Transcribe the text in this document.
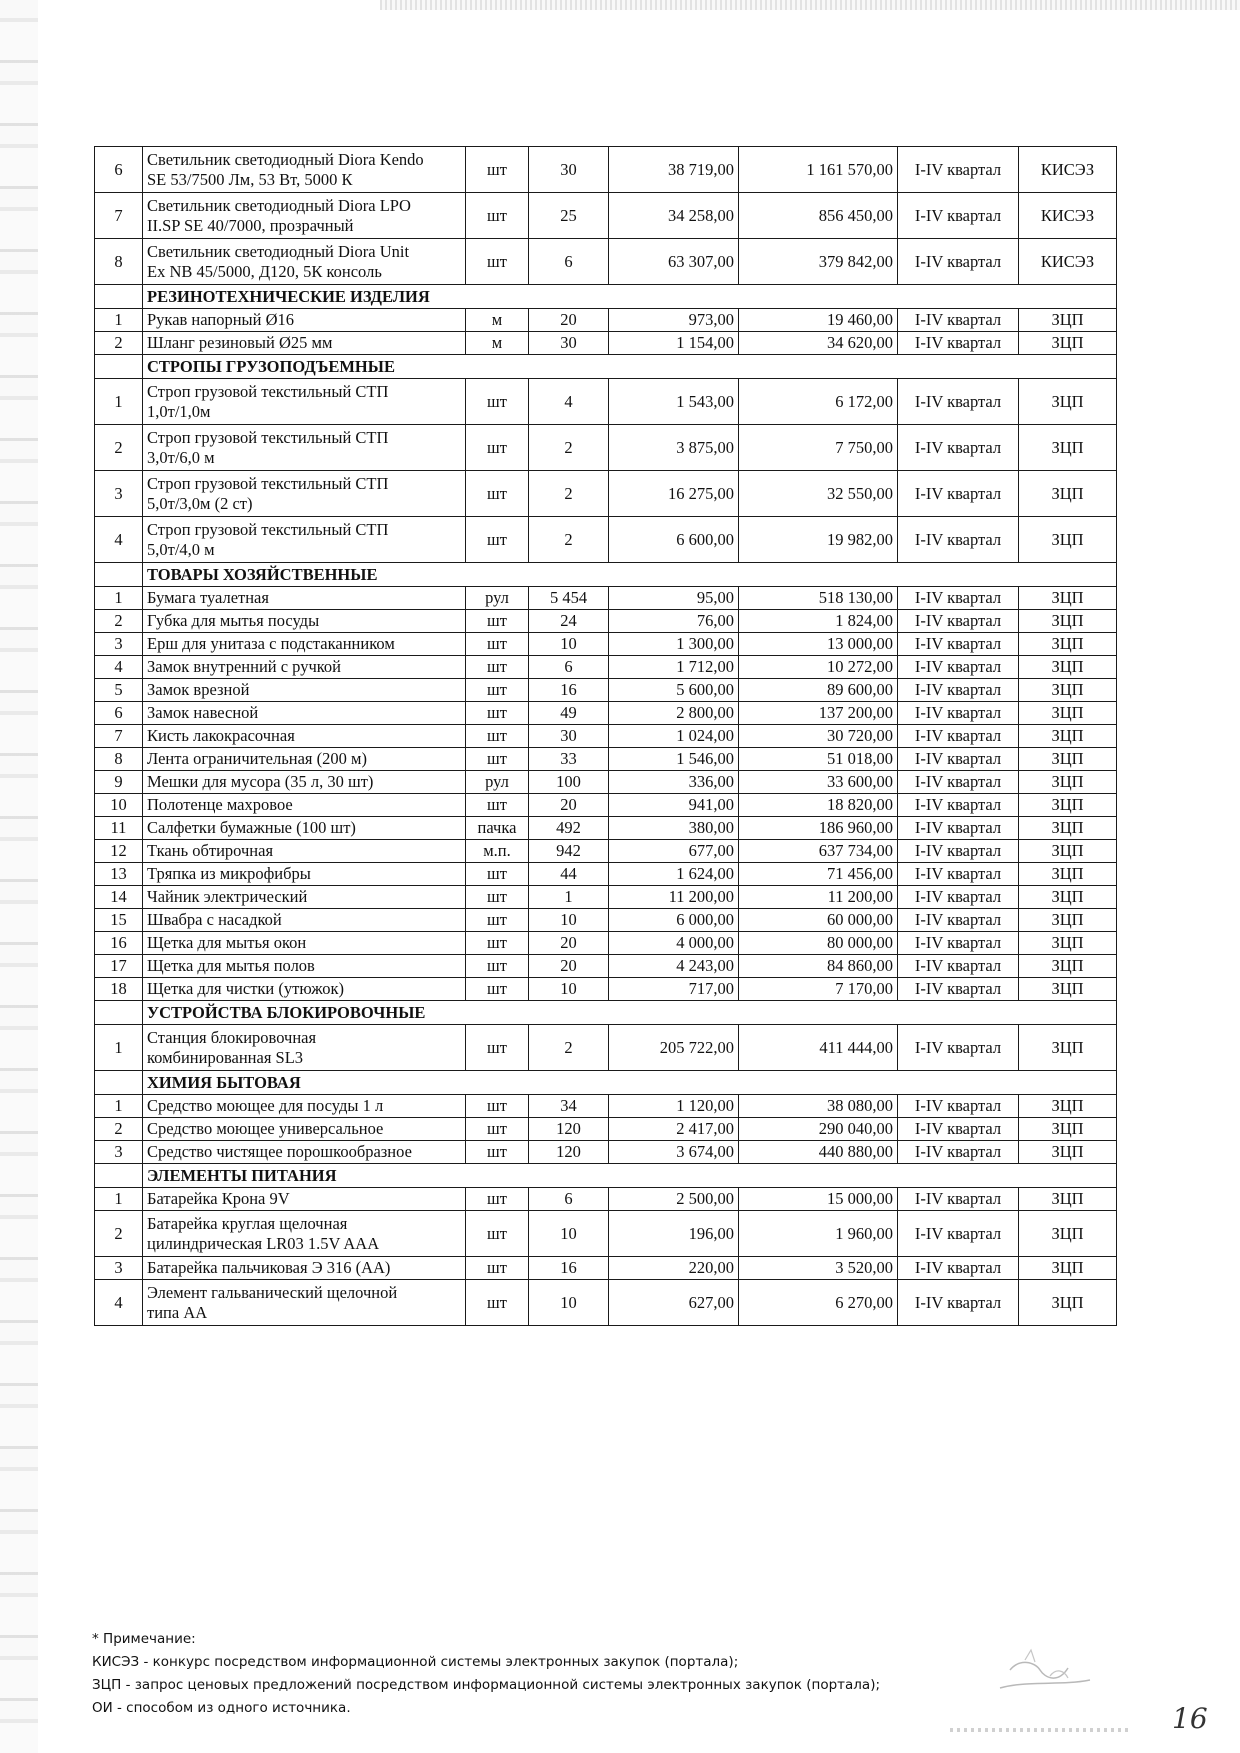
6	Светильник светодиодный Diora Kendo
SE 53/7500 Лм, 53 Вт, 5000 К	шт	30	38 719,00	1 161 570,00	I-IV квартал	КИСЭЗ
7	Светильник светодиодный Diora LPO
II.SP SE 40/7000, прозрачный	шт	25	34 258,00	856 450,00	I-IV квартал	КИСЭЗ
8	Светильник светодиодный Diora Unit
Ex NB 45/5000, Д120, 5К консоль	шт	6	63 307,00	379 842,00	I-IV квартал	КИСЭЗ
	РЕЗИНОТЕХНИЧЕСКИЕ ИЗДЕЛИЯ						
1	Рукав напорный Ø16	м	20	973,00	19 460,00	I-IV квартал	ЗЦП
2	Шланг резиновый Ø25 мм	м	30	1 154,00	34 620,00	I-IV квартал	ЗЦП
	СТРОПЫ ГРУЗОПОДЪЕМНЫЕ						
1	Строп грузовой текстильный СТП
1,0т/1,0м	шт	4	1 543,00	6 172,00	I-IV квартал	ЗЦП
2	Строп грузовой текстильный СТП
3,0т/6,0 м	шт	2	3 875,00	7 750,00	I-IV квартал	ЗЦП
3	Строп грузовой текстильный СТП
5,0т/3,0м (2 ст)	шт	2	16 275,00	32 550,00	I-IV квартал	ЗЦП
4	Строп грузовой текстильный СТП
5,0т/4,0 м	шт	2	6 600,00	19 982,00	I-IV квартал	ЗЦП
	ТОВАРЫ ХОЗЯЙСТВЕННЫЕ						
1	Бумага туалетная	рул	5 454	95,00	518 130,00	I-IV квартал	ЗЦП
2	Губка для мытья посуды	шт	24	76,00	1 824,00	I-IV квартал	ЗЦП
3	Ерш для унитаза с подстаканником	шт	10	1 300,00	13 000,00	I-IV квартал	ЗЦП
4	Замок внутренний с ручкой	шт	6	1 712,00	10 272,00	I-IV квартал	ЗЦП
5	Замок врезной	шт	16	5 600,00	89 600,00	I-IV квартал	ЗЦП
6	Замок навесной	шт	49	2 800,00	137 200,00	I-IV квартал	ЗЦП
7	Кисть лакокрасочная	шт	30	1 024,00	30 720,00	I-IV квартал	ЗЦП
8	Лента ограничительная (200 м)	шт	33	1 546,00	51 018,00	I-IV квартал	ЗЦП
9	Мешки для мусора (35 л, 30 шт)	рул	100	336,00	33 600,00	I-IV квартал	ЗЦП
10	Полотенце махровое	шт	20	941,00	18 820,00	I-IV квартал	ЗЦП
11	Салфетки бумажные (100 шт)	пачка	492	380,00	186 960,00	I-IV квартал	ЗЦП
12	Ткань обтирочная	м.п.	942	677,00	637 734,00	I-IV квартал	ЗЦП
13	Тряпка из микрофибры	шт	44	1 624,00	71 456,00	I-IV квартал	ЗЦП
14	Чайник электрический	шт	1	11 200,00	11 200,00	I-IV квартал	ЗЦП
15	Швабра с насадкой	шт	10	6 000,00	60 000,00	I-IV квартал	ЗЦП
16	Щетка для мытья окон	шт	20	4 000,00	80 000,00	I-IV квартал	ЗЦП
17	Щетка для мытья полов	шт	20	4 243,00	84 860,00	I-IV квартал	ЗЦП
18	Щетка для чистки (утюжок)	шт	10	717,00	7 170,00	I-IV квартал	ЗЦП
	УСТРОЙСТВА БЛОКИРОВОЧНЫЕ						
1	Станция блокировочная
комбинированная SL3	шт	2	205 722,00	411 444,00	I-IV квартал	ЗЦП
	ХИМИЯ БЫТОВАЯ						
1	Средство моющее для посуды 1 л	шт	34	1 120,00	38 080,00	I-IV квартал	ЗЦП
2	Средство моющее универсальное	шт	120	2 417,00	290 040,00	I-IV квартал	ЗЦП
3	Средство чистящее порошкообразное	шт	120	3 674,00	440 880,00	I-IV квартал	ЗЦП
	ЭЛЕМЕНТЫ ПИТАНИЯ						
1	Батарейка Крона 9V	шт	6	2 500,00	15 000,00	I-IV квартал	ЗЦП
2	Батарейка круглая щелочная
цилиндрическая LR03 1.5V AAA	шт	10	196,00	1 960,00	I-IV квартал	ЗЦП
3	Батарейка пальчиковая Э 316 (AA)	шт	16	220,00	3 520,00	I-IV квартал	ЗЦП
4	Элемент гальванический щелочной
типа AA	шт	10	627,00	6 270,00	I-IV квартал	ЗЦП
* Примечание:
КИСЭЗ - конкурс посредством информационной системы электронных закупок (портала);
ЗЦП - запрос ценовых предложений посредством информационной системы электронных закупок (портала);
ОИ - способом из одного источника.	16
